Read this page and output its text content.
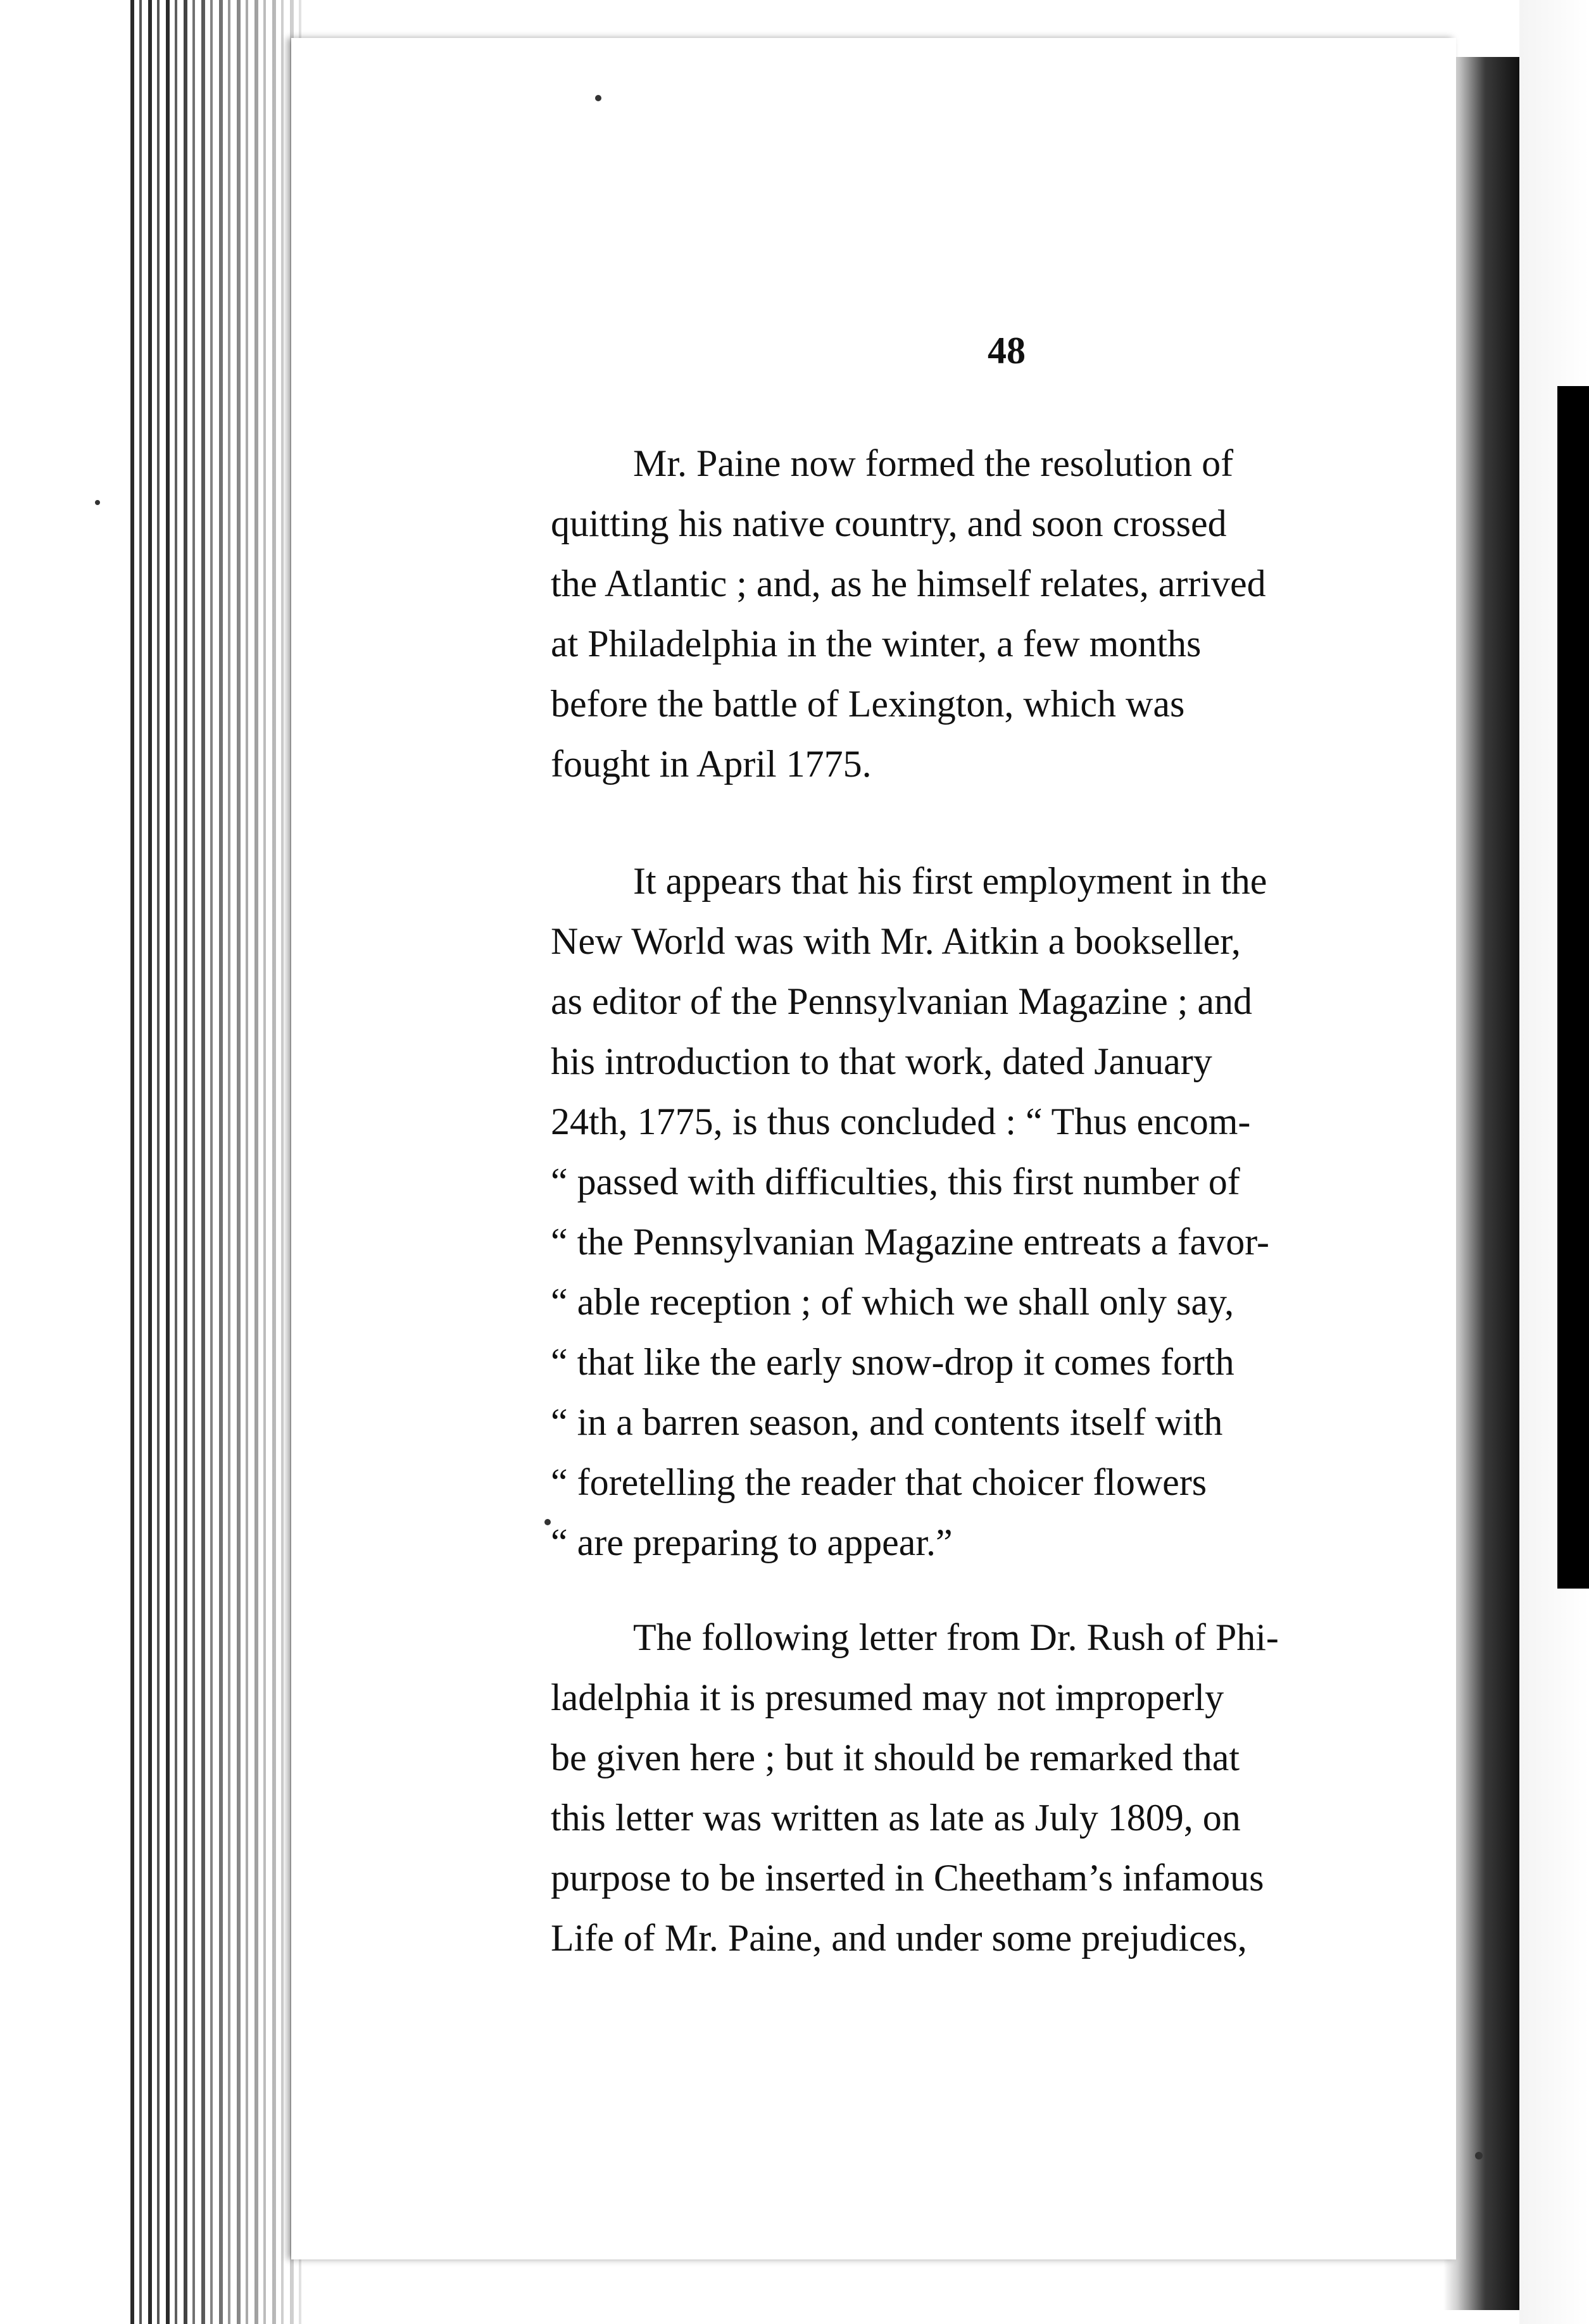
48
Mr. Paine now formed the resolution of
quitting his native country, and soon crossed
the Atlantic ; and, as he himself relates, arrived
at Philadelphia in the winter, a few months
before the battle of Lexington, which was
fought in April 1775.
It appears that his first employment in the
New World was with Mr. Aitkin a bookseller,
as editor of the Pennsylvanian Magazine ; and
his introduction to that work, dated January
24th, 1775, is thus concluded : “ Thus encom-
“ passed with difficulties, this first number of
“ the Pennsylvanian Magazine entreats a favor-
“ able reception ; of which we shall only say,
“ that like the early snow-drop it comes forth
“ in a barren season, and contents itself with
“ foretelling the reader that choicer flowers
“ are preparing to appear.”
The following letter from Dr. Rush of Phi-
ladelphia it is presumed may not improperly
be given here ; but it should be remarked that
this letter was written as late as July 1809, on
purpose to be inserted in Cheetham’s infamous
Life of Mr. Paine, and under some prejudices,
